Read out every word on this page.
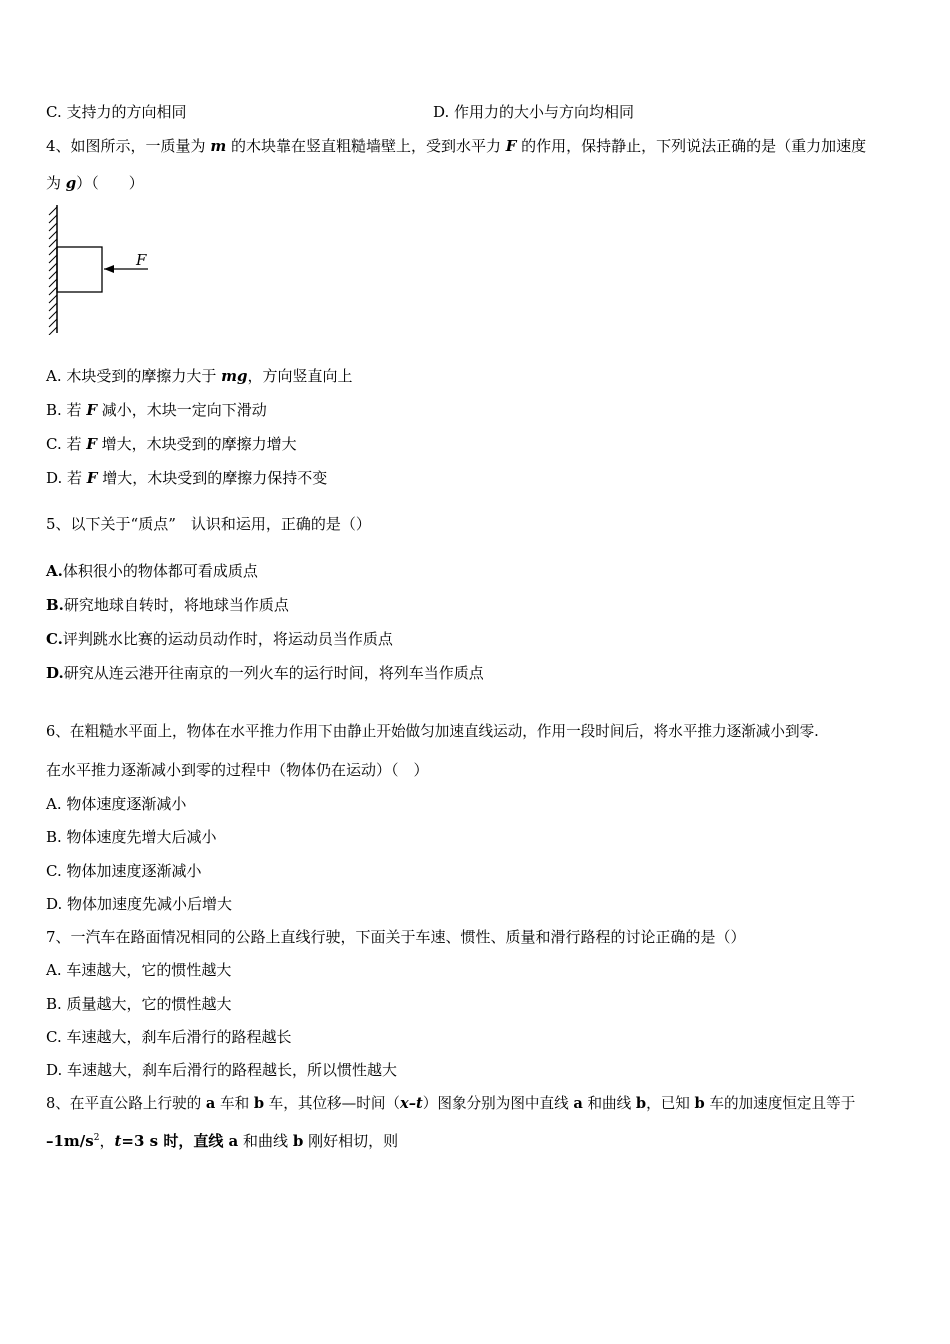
C. 支持力的方向相同	D. 作用力的大小与方向均相同
4、如图所示，一质量为 m 的木块靠在竖直粗糙墙壁上，受到水平力 F 的作用，保持静止，下列说法正确的是（重力加速度
为 g）（　　）
F
A. 木块受到的摩擦力大于 mg，方向竖直向上
B. 若 F 减小，木块一定向下滑动
C. 若 F 增大，木块受到的摩擦力增大
D. 若 F 增大，木块受到的摩擦力保持不变
5、以下关于“质点”　认识和运用，正确的是（）
A.体积很小的物体都可看成质点
B.研究地球自转时，将地球当作质点
C.评判跳水比赛的运动员动作时，将运动员当作质点
D.研究从连云港开往南京的一列火车的运行时间，将列车当作质点
6、在粗糙水平面上，物体在水平推力作用下由静止开始做匀加速直线运动，作用一段时间后，将水平推力逐渐减小到零.
在水平推力逐渐减小到零的过程中（物体仍在运动）（　）
A. 物体速度逐渐减小
B. 物体速度先增大后减小
C. 物体加速度逐渐减小
D. 物体加速度先减小后增大
7、一汽车在路面情况相同的公路上直线行驶，下面关于车速、惯性、质量和滑行路程的讨论正确的是（）
A. 车速越大，它的惯性越大
B. 质量越大，它的惯性越大
C. 车速越大，刹车后滑行的路程越长
D. 车速越大，刹车后滑行的路程越长，所以惯性越大
8、在平直公路上行驶的 a 车和 b 车，其位移—时间（x–t）图象分别为图中直线 a 和曲线 b，已知 b 车的加速度恒定且等于
$-1m/s^2$，t=3 s 时，直线 a 和曲线 b 刚好相切，则
